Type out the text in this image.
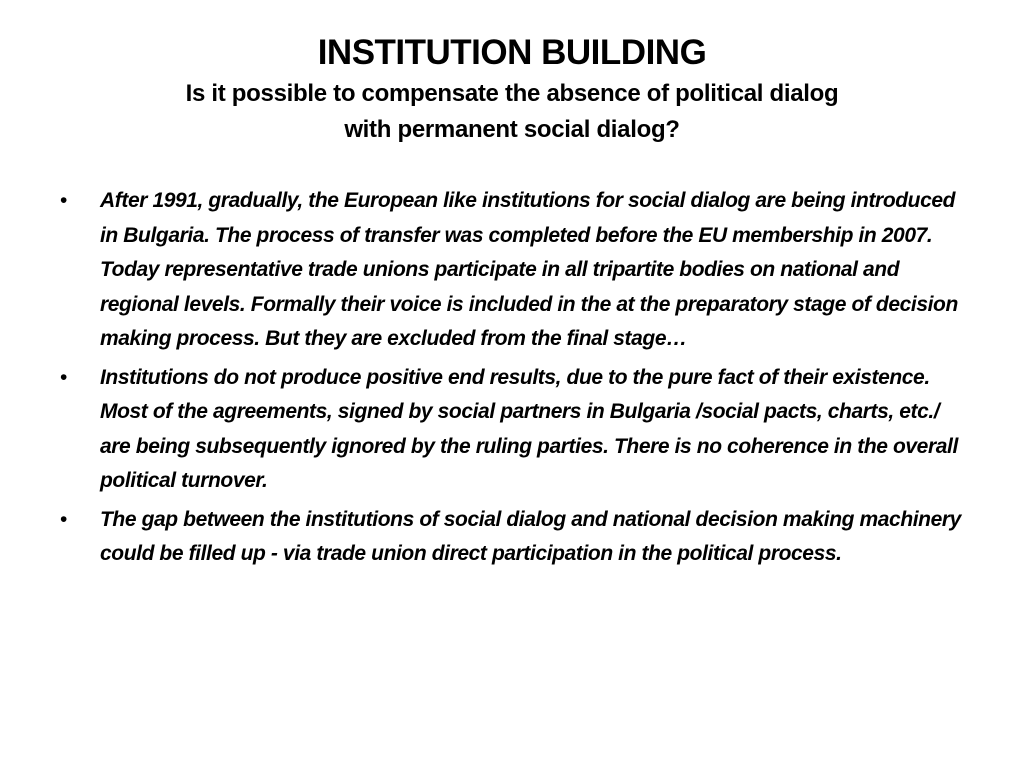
INSTITUTION BUILDING
Is it possible to compensate the absence of political dialog
with permanent social dialog?
• After 1991, gradually, the European like institutions for social dialog are being introduced in Bulgaria. The process of transfer was completed before the EU membership in 2007. Today representative trade unions participate in all tripartite bodies on national and regional levels. Formally their voice is included in the at the preparatory stage of decision making process. But they are excluded from the final stage…
• Institutions do not produce positive end results, due to the pure fact of their existence. Most of the agreements, signed by social partners in Bulgaria /social pacts, charts, etc./ are being subsequently ignored by the ruling parties. There is no coherence in the overall political turnover.
• The gap between the institutions of social dialog and national decision making machinery could be filled up - via trade union direct participation in the political process.
